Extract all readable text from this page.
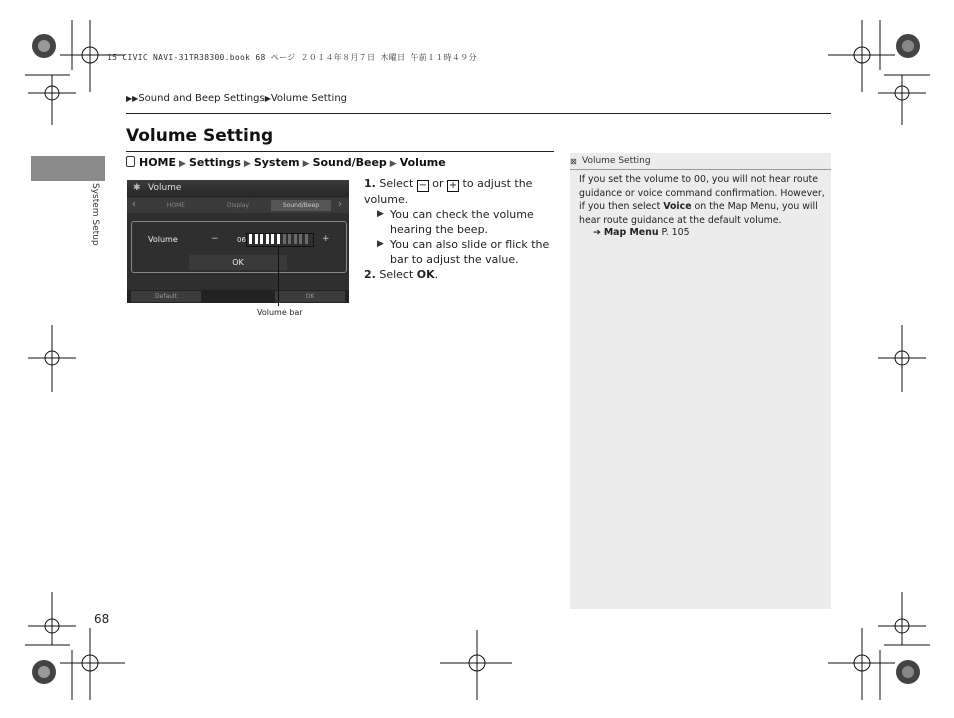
15 CIVIC NAVI-31TR38300.book 68 ページ ２０１４年８月７日 木曜日 午前１１時４９分
▶▶Sound and Beep Settings▶Volume Setting
Volume Setting
System Setup
HOME ▶ Settings ▶ System ▶ Sound/Beep ▶ Volume
✱ Volume
‹	HOME	Display	Sound/Beep	›
Volume	−	06	+
OK
Default	OK
Volume bar
1. Select − or + to adjust the volume.
▶ You can check the volume hearing the beep.
▶ You can also slide or flick the bar to adjust the value.
2. Select OK.
⊠ Volume Setting
If you set the volume to 00, you will not hear route guidance or voice command confirmation. However, if you then select Voice on the Map Menu, you will hear route guidance at the default volume.
➔ Map Menu P. 105
68
